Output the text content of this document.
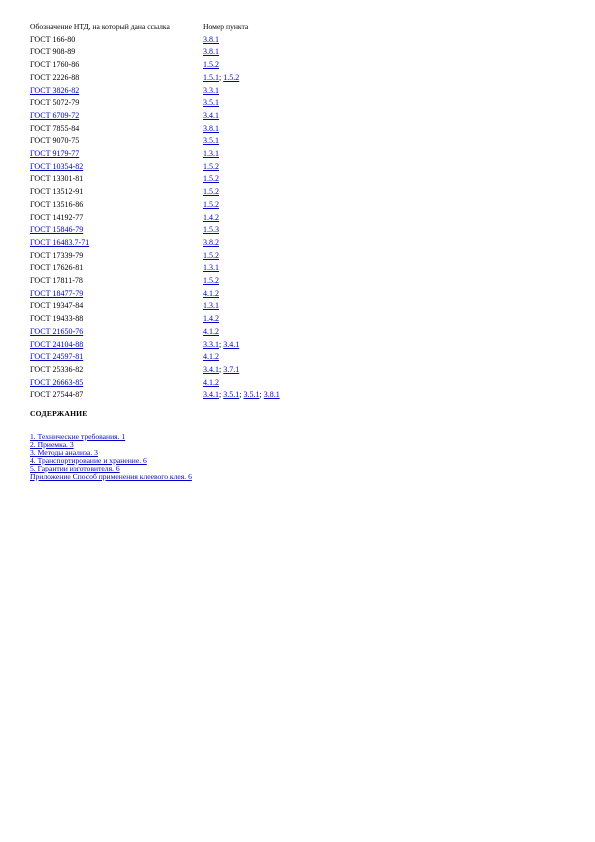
Обозначение НТД, на который дана ссылка	Номер пункта
ГОСТ 166-80	3.8.1
ГОСТ 908-89	3.8.1
ГОСТ 1760-86	1.5.2
ГОСТ 2226-88	1.5.1; 1.5.2
ГОСТ 3826-82	3.3.1
ГОСТ 5072-79	3.5.1
ГОСТ 6709-72	3.4.1
ГОСТ 7855-84	3.8.1
ГОСТ 9070-75	3.5.1
ГОСТ 9179-77	1.3.1
ГОСТ 10354-82	1.5.2
ГОСТ 13301-81	1.5.2
ГОСТ 13512-91	1.5.2
ГОСТ 13516-86	1.5.2
ГОСТ 14192-77	1.4.2
ГОСТ 15846-79	1.5.3
ГОСТ 16483.7-71	3.8.2
ГОСТ 17339-79	1.5.2
ГОСТ 17626-81	1.3.1
ГОСТ 17811-78	1.5.2
ГОСТ 18477-79	4.1.2
ГОСТ 19347-84	1.3.1
ГОСТ 19433-88	1.4.2
ГОСТ 21650-76	4.1.2
ГОСТ 24104-88	3.3.1; 3.4.1
ГОСТ 24597-81	4.1.2
ГОСТ 25336-82	3.4.1; 3.7.1
ГОСТ 26663-85	4.1.2
ГОСТ 27544-87	3.4.1; 3.5.1; 3.5.1; 3.8.1
СОДЕРЖАНИЕ
1. Технические требования. 1
2. Приемка. 3
3. Методы анализа. 3
4. Транспортирование и хранение. 6
5. Гарантии изготовителя. 6
Приложение Способ применения клеевого клея. 6
